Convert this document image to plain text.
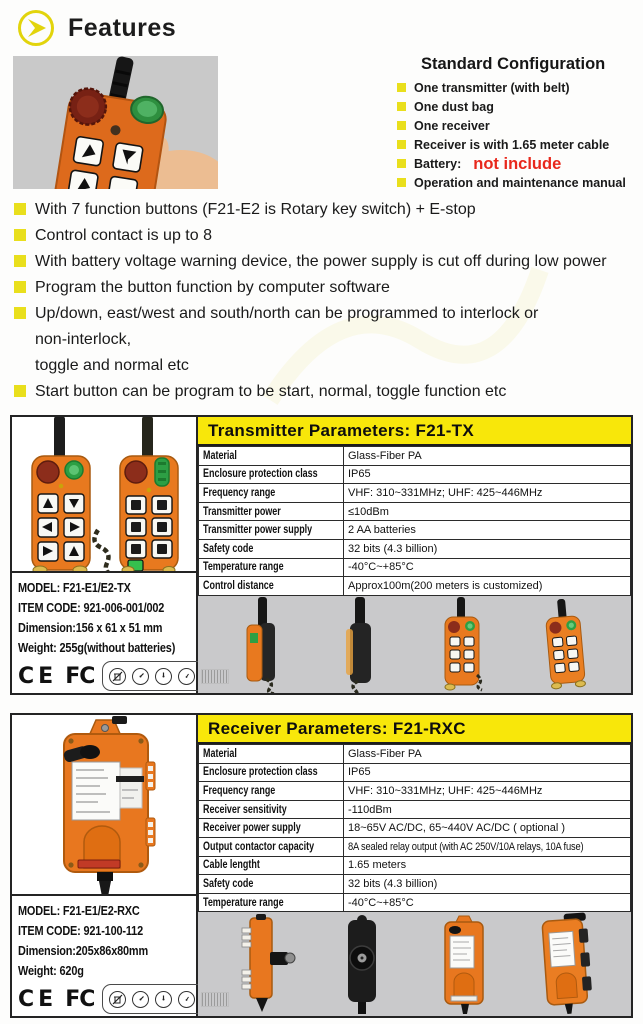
Features
Standard Configuration
One transmitter (with belt)
One dust bag
One receiver
Receiver is with 1.65 meter cable
Battery: not include
Operation and maintenance manual
With 7 function buttons (F21-E2 is Rotary key switch) + E-stop
Control contact is up to 8
With battery voltage warning device, the power supply is cut off during low power
Program the button function by computer software
Up/down, east/west and south/north can be programmed to interlock or
non-interlock,
toggle and normal etc
Start button can be program to be start, normal, toggle function etc
MODEL: F21-E1/E2-TX
ITEM CODE: 921-006-001/002
Dimension:156 x 61 x 51 mm
Weight: 255g(without batteries)
CE FC
Transmitter Parameters: F21-TX
Material	Glass-Fiber PA
Enclosure protection class	IP65
Frequency range	VHF: 310~331MHz; UHF: 425~446MHz
Transmitter power	≤10dBm
Transmitter power supply	2 AA batteries
Safety code	32 bits (4.3 billion)
Temperature range	-40°C~+85°C
Control distance	Approx100m(200 meters is customized)
MODEL: F21-E1/E2-RXC
ITEM CODE: 921-100-112
Dimension:205x86x80mm
Weight: 620g
CE FC
Receiver Parameters: F21-RXC
Material	Glass-Fiber PA
Enclosure protection class	IP65
Frequency range	VHF: 310~331MHz; UHF: 425~446MHz
Receiver sensitivity	-110dBm
Receiver power supply	18~65V AC/DC, 65~440V AC/DC ( optional )
Output contactor capacity	8A sealed relay output (with AC 250V/10A relays, 10A fuse)
Cable lengtht	1.65 meters
Safety code	32 bits (4.3 billion)
Temperature range	-40°C~+85°C
